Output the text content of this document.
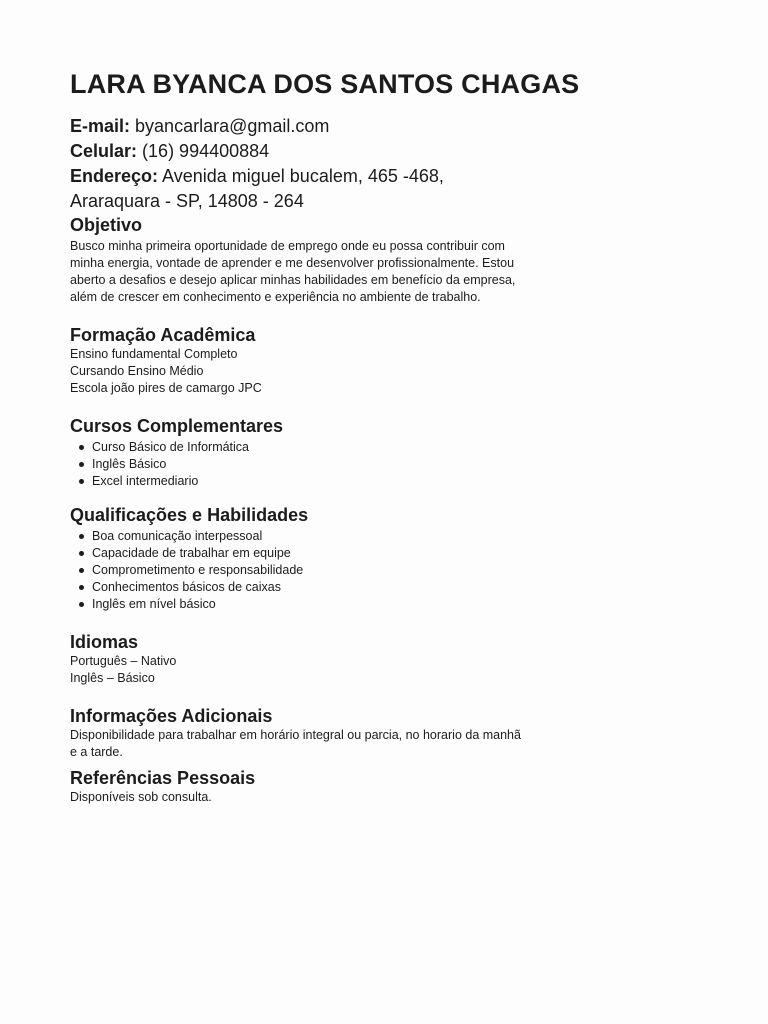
LARA BYANCA DOS SANTOS CHAGAS
E-mail: byancarlara@gmail.com
Celular: (16) 994400884
Endereço: Avenida miguel bucalem, 465 -468,
Araraquara - SP, 14808 - 264
Objetivo
Busco minha primeira oportunidade de emprego onde eu possa contribuir com
minha energia, vontade de aprender e me desenvolver profissionalmente. Estou
aberto a desafios e desejo aplicar minhas habilidades em benefício da empresa,
além de crescer em conhecimento e experiência no ambiente de trabalho.
Formação Acadêmica
Ensino fundamental Completo
Cursando Ensino Médio
Escola joão pires de camargo JPC
Cursos Complementares
Curso Básico de Informática
Inglês Básico
Excel intermediario
Qualificações e Habilidades
Boa comunicação interpessoal
Capacidade de trabalhar em equipe
Comprometimento e responsabilidade
Conhecimentos básicos de caixas
Inglês em nível básico
Idiomas
Português – Nativo
Inglês – Básico
Informações Adicionais
Disponibilidade para trabalhar em horário integral ou parcia, no horario da manhã
e a tarde.
Referências Pessoais
Disponíveis sob consulta.
